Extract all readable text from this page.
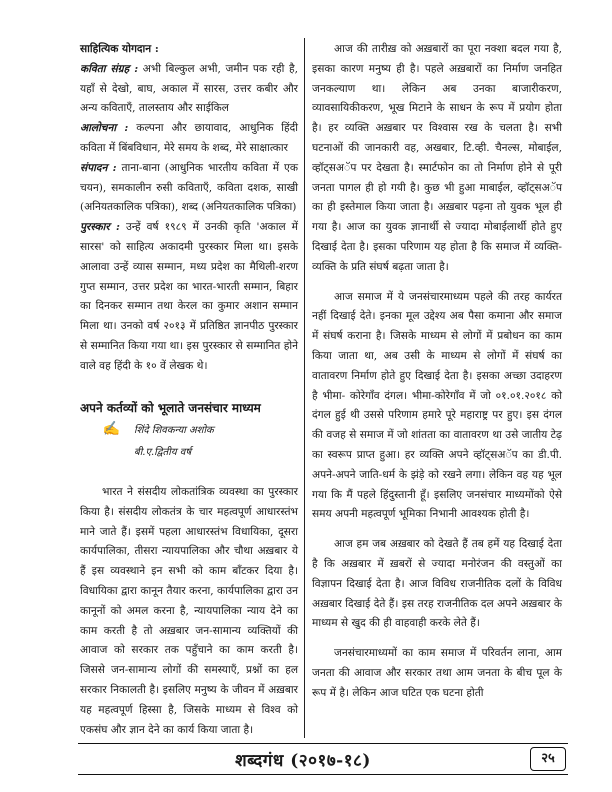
साहित्यिक योगदान :

कविता संग्रह : अभी बिल्कुल अभी, जमीन पक रही है, यहाँ से देखो, बाघ, अकाल में सारस, उत्तर कबीर और अन्य कविताएँ, तालस्ताय और साईकिल

आलोचना : कल्पना और छायावाद, आधुनिक हिंदी कविता में बिंबविधान, मेरे समय के शब्द, मेरे साक्षात्कार

संपादन : ताना-बाना (आधुनिक भारतीय कविता में एक चयन), समकालीन रुसी कविताएँ, कविता दशक, साखी (अनियतकालिक पत्रिका), शब्द (अनियतकालिक पत्रिका)

पुरस्कार : उन्हें वर्ष १९८९ में उनकी कृति 'अकाल में सारस' को साहित्य अकादमी पुरस्कार मिला था। इसके आलावा उन्हें व्यास सम्मान, मध्य प्रदेश का मैथिली-शरण गुप्त सम्मान, उत्तर प्रदेश का भारत-भारती सम्मान, बिहार का दिनकर सम्मान तथा केरल का कुमार अशान सम्मान मिला था। उनको वर्ष २०१३ में प्रतिष्ठित ज्ञानपीठ पुरस्कार से सम्मानित किया गया था। इस पुरस्कार से सम्मानित होने वाले वह हिंदी के १० वें लेखक थे।

अपने कर्तव्यों को भूलाते जनसंचार माध्यम

✍ शिंदे शिवकन्या अशोक

बी.ए.द्वितीय वर्ष

भारत ने संसदीय लोकतांत्रिक व्यवस्था का पुरस्कार किया है। संसदीय लोकतंत्र के चार महत्वपूर्ण आधारस्तंभ माने जाते हैं। इसमें पहला आधारस्तंभ विधायिका, दूसरा कार्यपालिका, तीसरा न्यायपालिका और चौथा अख़बार ये हैं इस व्यवस्थाने इन सभी को काम बाँटकर दिया है। विधायिका द्वारा कानून तैयार करना, कार्यपालिका द्वारा उन कानूनों को अमल करना है, न्यायपालिका न्याय देने का काम करती है तो अख़बार जन-सामान्य व्यक्तियों की आवाज को सरकार तक पहुँचाने का काम करती है। जिससे जन-सामान्य लोगों की समस्याएँ, प्रश्नों का हल सरकार निकालती है। इसलिए मनुष्य के जीवन में अख़बार यह महत्वपूर्ण हिस्सा है, जिसके माध्यम से विश्व को एकसंघ और ज्ञान देने का कार्य किया जाता है।

आज की तारीख़ को अख़बारों का पूरा नक्शा बदल गया है, इसका कारण मनुष्य ही है। पहले अख़बारों का निर्माण जनहित जनकल्याण था। लेकिन अब उनका बाजारीकरण, व्यावसायिकीकरण, भूख मिटाने के साधन के रूप में प्रयोग होता है। हर व्यक्ति अख़बार पर विश्वास रख के चलता है। सभी घटनाओं की जानकारी वह, अखबार, टि.व्ही. चैनल्स, मोबाईल, व्हॉट्सअॅप पर देखता है। स्मार्टफोन का तो निर्माण होने से पूरी जनता पागल ही हो गयी है। कुछ भी हुआ माबाईल, व्हॉट्सअॅप का ही इस्तेमाल किया जाता है। अख़बार पढ़ना तो युवक भूल ही गया है। आज का युवक ज्ञानार्थी से ज्यादा मोबाईलार्थी होते हुए दिखाई देता है। इसका परिणाम यह होता है कि समाज में व्यक्ति-व्यक्ति के प्रति संघर्ष बढ़ता जाता है।

आज समाज में ये जनसंचारमाध्यम पहले की तरह कार्यरत नहीं दिखाई देते। इनका मूल उद्देश्य अब पैसा कमाना और समाज में संघर्ष कराना है। जिसके माध्यम से लोगों में प्रबोधन का काम किया जाता था, अब उसी के माध्यम से लोगों में संघर्ष का वातावरण निर्माण होते हुए दिखाई देता है। इसका अच्छा उदाहरण है भीमा- कोरेगाँव दंगल। भीमा-कोरेगाँव में जो ०१.०१.२०१८ को दंगल हुई थी उससे परिणाम हमारे पूरे महाराष्ट्र पर हुए। इस दंगल की वजह से समाज में जो शांतता का वातावरण था उसे जातीय टेढ़ का स्वरूप प्राप्त हुआ। हर व्यक्ति अपने व्हॉट्सअॅप का डी.पी. अपने-अपने जाति-धर्म के झंड़े को रखने लगा। लेकिन वह यह भूल गया कि मैं पहले हिंदुस्तानी हूँ। इसलिए जनसंचार माध्यमोंको ऐसे समय अपनी महत्वपूर्ण भूमिका निभानी आवश्यक होती है।

आज हम जब अख़बार को देखते हैं तब हमें यह दिखाई देता है कि अख़बार में ख़बरों से ज्यादा मनोरंजन की वस्तुओं का विज्ञापन दिखाई देता है। आज विविध राजनीतिक दलों के विविध अख़बार दिखाई देते हैं। इस तरह राजनीतिक दल अपने अख़बार के माध्यम से खुद की ही वाहवाही करके लेते हैं।

जनसंचारमाध्यमों का काम समाज में परिवर्तन लाना, आम जनता की आवाज और सरकार तथा आम जनता के बीच पूल के रूप में है। लेकिन आज घटित एक घटना होती

शब्दगंध (२०१७-१८)	२५
